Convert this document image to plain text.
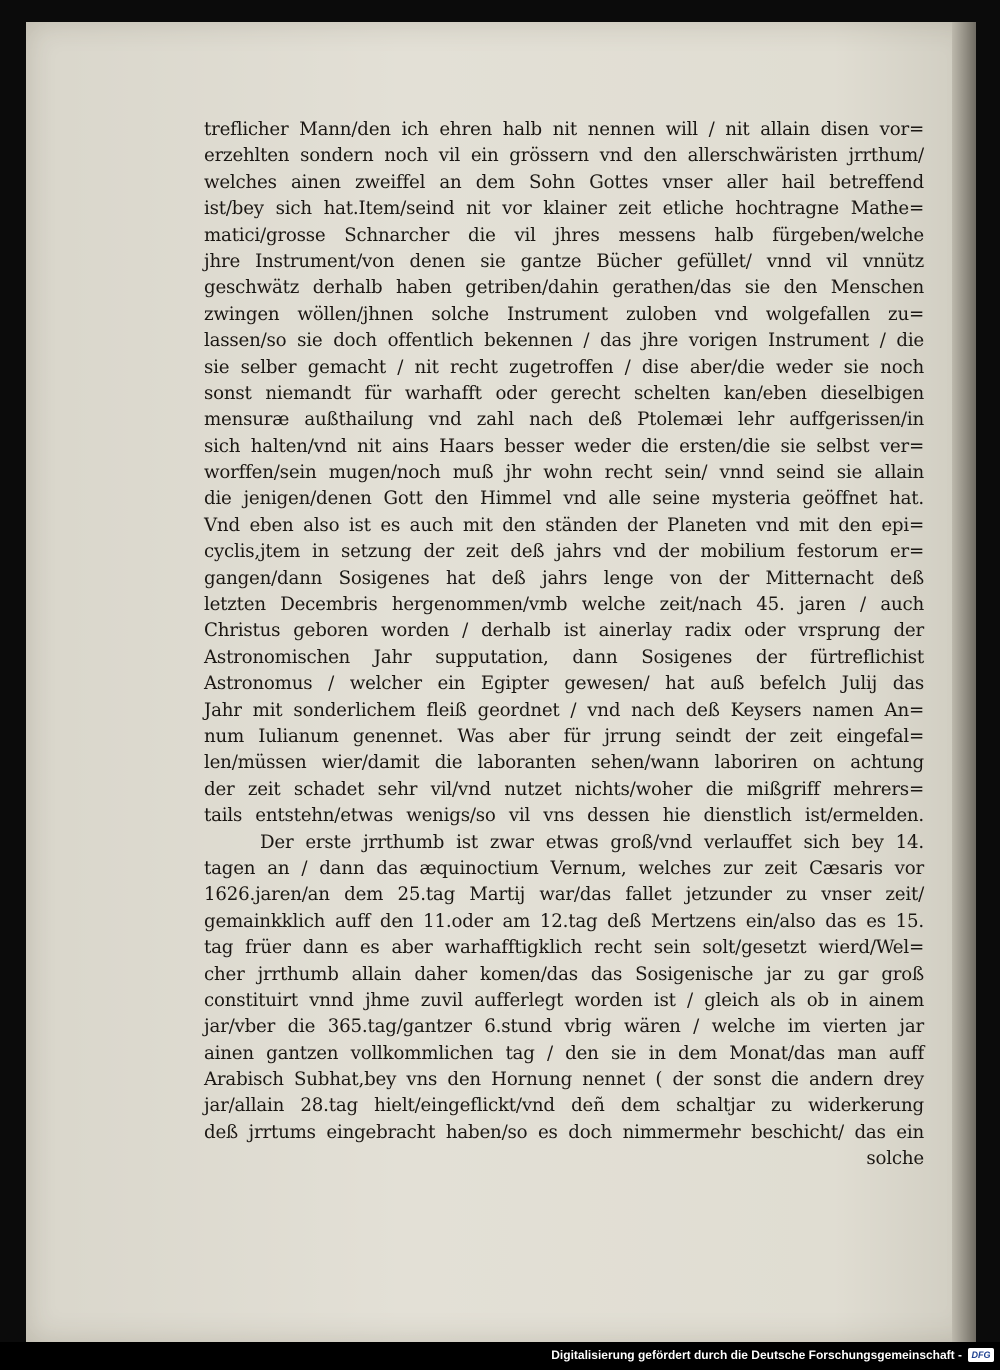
treflicher Mann/den ich ehren halb nit nennen will / nit allain disen vor=
erzehlten sondern noch vil ein grössern vnd den allerschwäristen jrrthum/
welches ainen zweiffel an dem Sohn Gottes vnser aller hail betreffend
ist/bey sich hat.Item/seind nit vor klainer zeit etliche hochtragne Mathe=
matici/grosse Schnarcher die vil jhres messens halb fürgeben/welche
jhre Instrument/von denen sie gantze Bücher gefüllet/ vnnd vil vnnütz
geschwätz derhalb haben getriben/dahin gerathen/das sie den Menschen
zwingen wöllen/jhnen solche Instrument zuloben vnd wolgefallen zu=
lassen/so sie doch offentlich bekennen / das jhre vorigen Instrument / die
sie selber gemacht / nit recht zugetroffen / dise aber/die weder sie noch
sonst niemandt für warhafft oder gerecht schelten kan/eben dieselbigen
mensuræ außthailung vnd zahl nach deß Ptolemæi lehr auffgerissen/in
sich halten/vnd nit ains Haars besser weder die ersten/die sie selbst ver=
worffen/sein mugen/noch muß jhr wohn recht sein/ vnnd seind sie allain
die jenigen/denen Gott den Himmel vnd alle seine mysteria geöffnet hat.
Vnd eben also ist es auch mit den ständen der Planeten vnd mit den epi=
cyclis,jtem in setzung der zeit deß jahrs vnd der mobilium festorum er=
gangen/dann Sosigenes hat deß jahrs lenge von der Mitternacht deß
letzten Decembris hergenommen/vmb welche zeit/nach 45. jaren / auch
Christus geboren worden / derhalb ist ainerlay radix oder vrsprung der
Astronomischen Jahr supputation, dann Sosigenes der fürtreflichist
Astronomus / welcher ein Egipter gewesen/ hat auß befelch Julij das
Jahr mit sonderlichem fleiß geordnet / vnd nach deß Keysers namen An=
num Iulianum genennet. Was aber für jrrung seindt der zeit eingefal=
len/müssen wier/damit die laboranten sehen/wann laboriren on achtung
der zeit schadet sehr vil/vnd nutzet nichts/woher die mißgriff mehrers=
tails entstehn/etwas wenigs/so vil vns dessen hie dienstlich ist/ermelden.
Der erste jrrthumb ist zwar etwas groß/vnd verlauffet sich bey 14.
tagen an / dann das æquinoctium Vernum, welches zur zeit Cæsaris vor
1626.jaren/an dem 25.tag Martij war/das fallet jetzunder zu vnser zeit/
gemainkklich auff den 11.oder am 12.tag deß Mertzens ein/also das es 15.
tag früer dann es aber warhafftigklich recht sein solt/gesetzt wierd/Wel=
cher jrrthumb allain daher komen/das das Sosigenische jar zu gar groß
constituirt vnnd jhme zuvil aufferlegt worden ist / gleich als ob in ainem
jar/vber die 365.tag/gantzer 6.stund vbrig wären / welche im vierten jar
ainen gantzen vollkommlichen tag / den sie in dem Monat/das man auff
Arabisch Subhat,bey vns den Hornung nennet ( der sonst die andern drey
jar/allain 28.tag hielt/eingeflickt/vnd deñ dem schaltjar zu widerkerung
deß jrrtums eingebracht haben/so es doch nimmermehr beschicht/ das ein
solche
Digitalisierung gefördert durch die Deutsche Forschungsgemeinschaft -	DFG
